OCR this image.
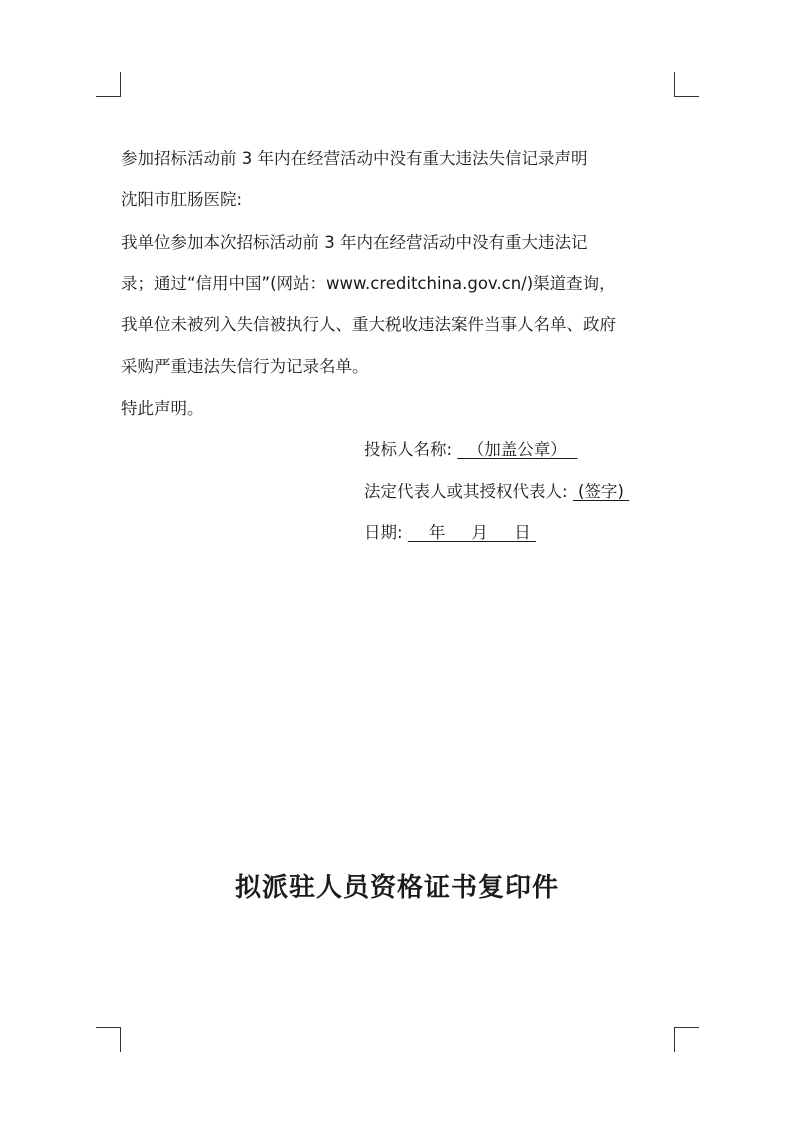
参加招标活动前 3 年内在经营活动中没有重大违法失信记录声明
沈阳市肛肠医院:
我单位参加本次招标活动前 3 年内在经营活动中没有重大违法记
录；通过“信用中国”(网站：www.creditchina.gov.cn/)渠道查询，
我单位未被列入失信被执行人、重大税收违法案件当事人名单、政府
采购严重违法失信行为记录名单。
特此声明。
投标人名称:   （加盖公章）
法定代表人或其授权代表人:  (签字)
日期:     年     月     日
拟派驻人员资格证书复印件
